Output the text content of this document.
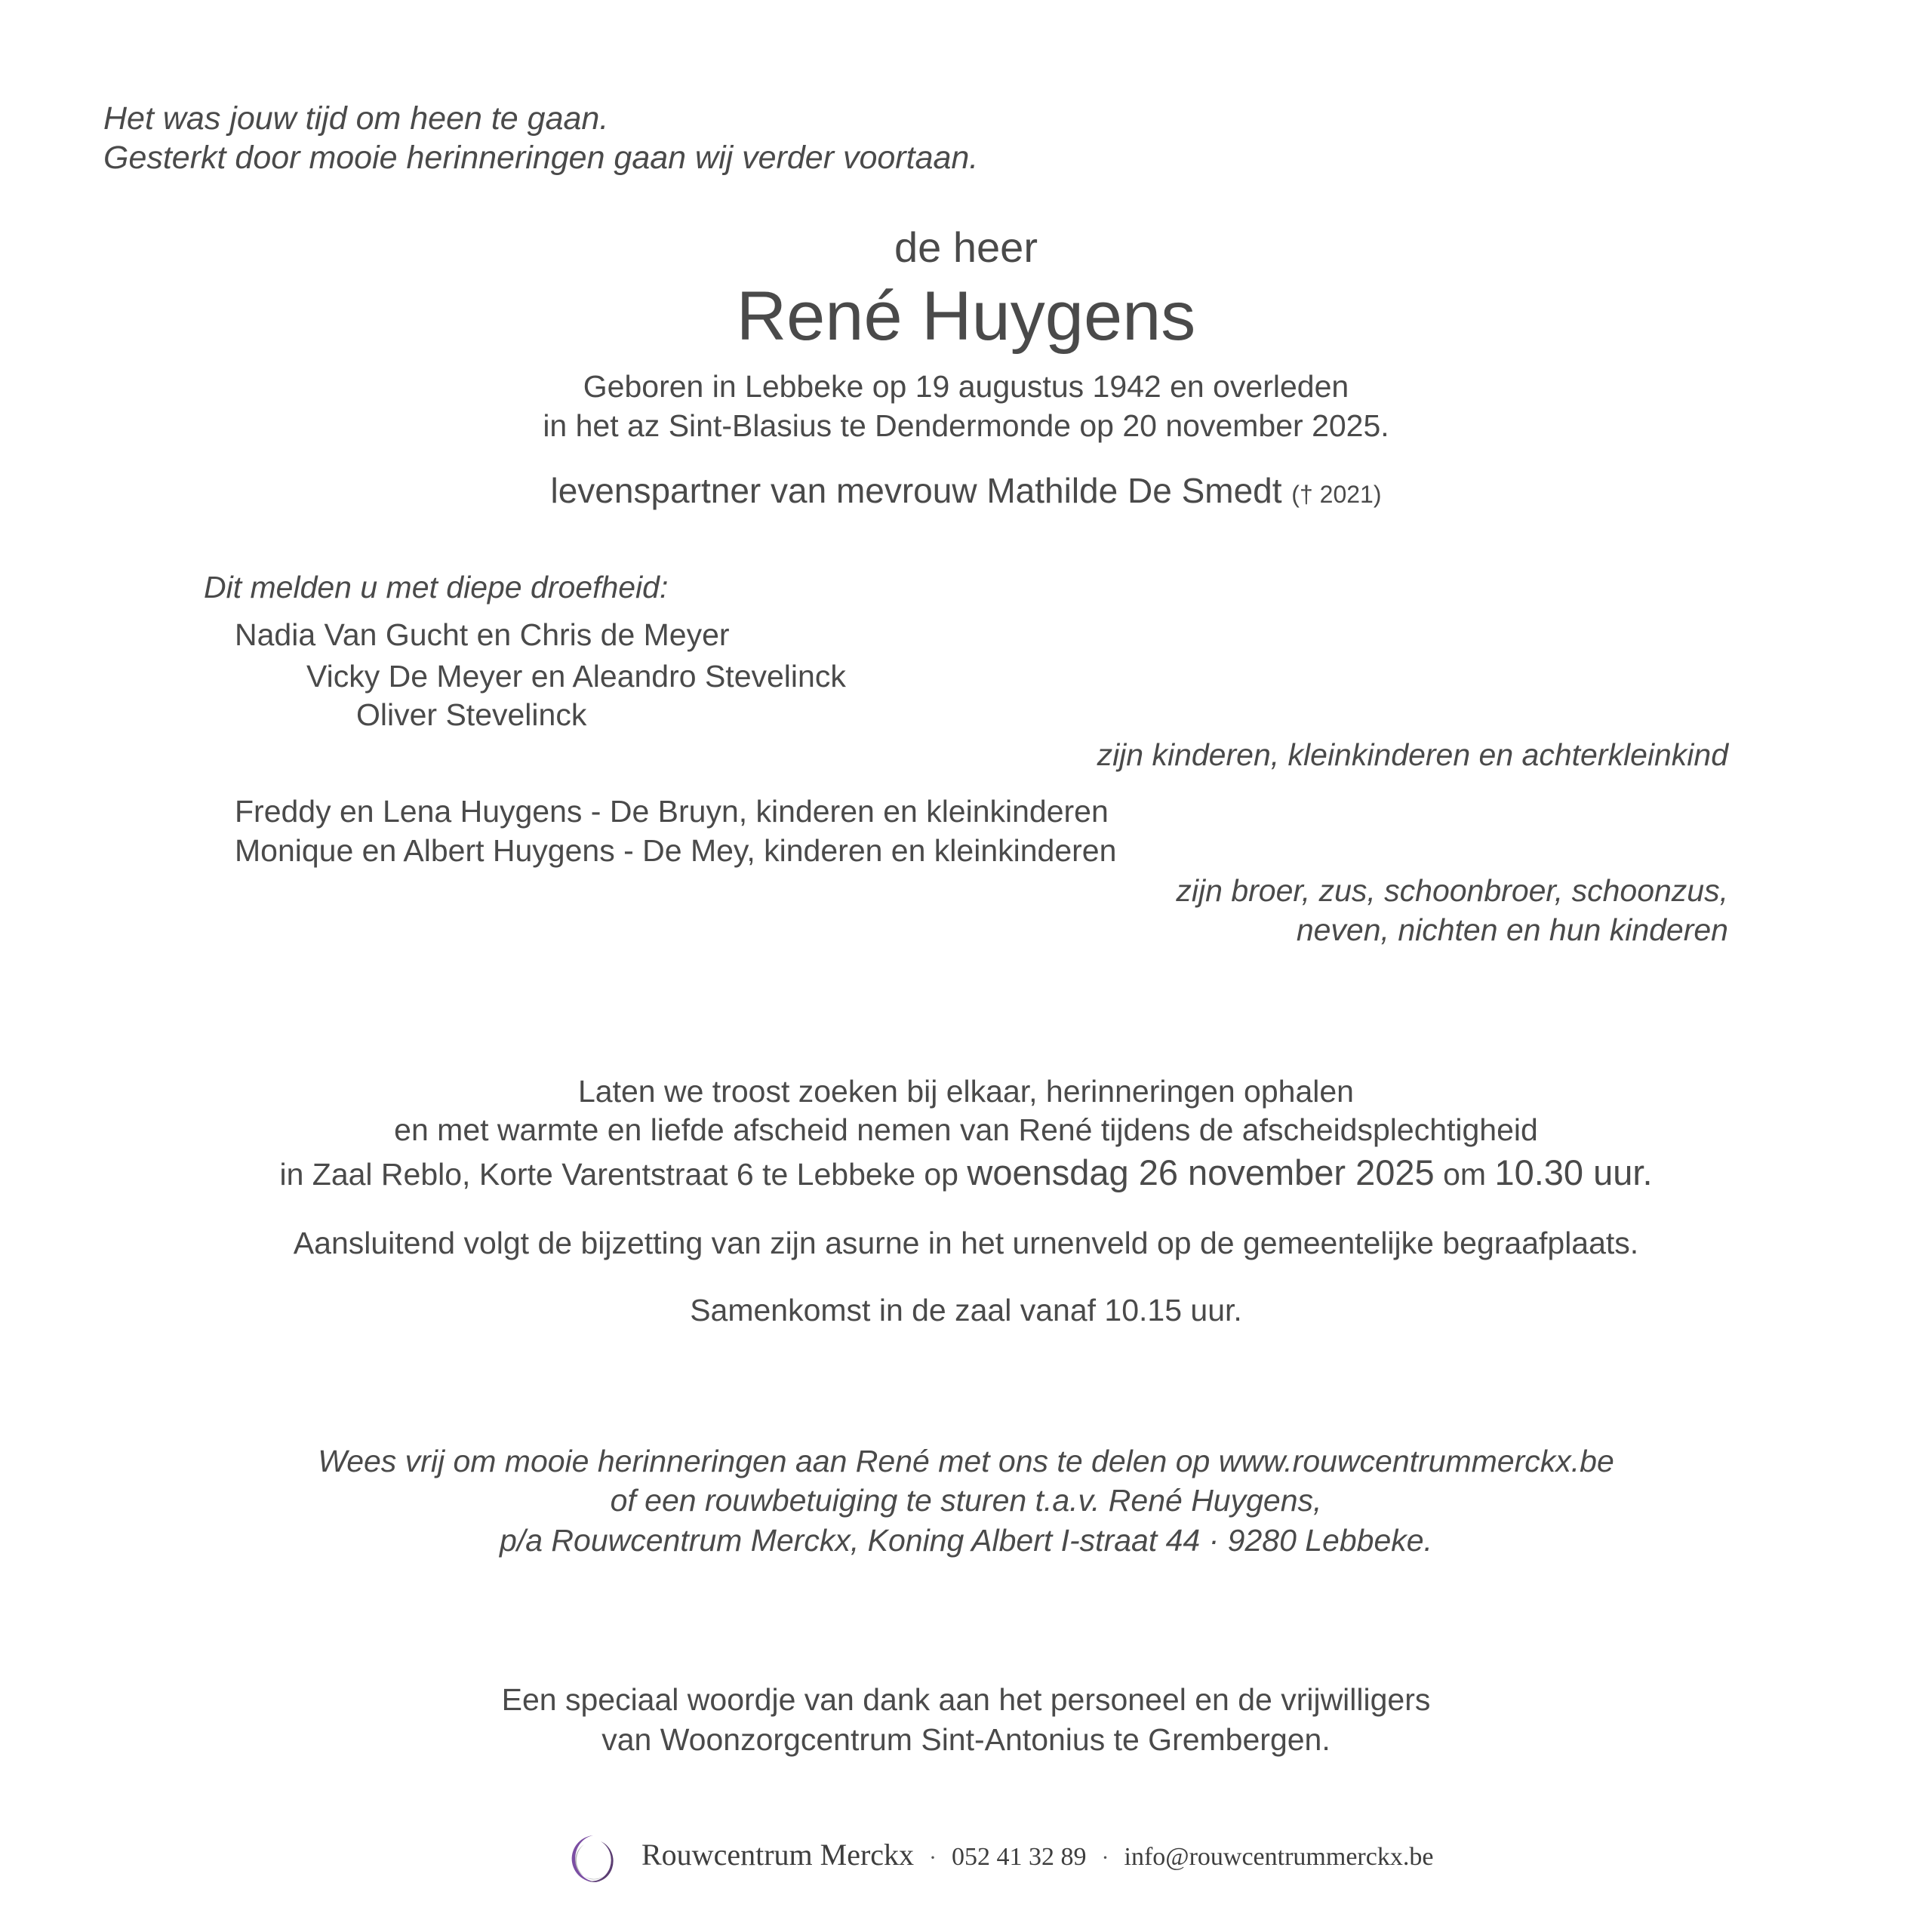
Het was jouw tijd om heen te gaan.
Gesterkt door mooie herinneringen gaan wij verder voortaan.
de heer
René Huygens
Geboren in Lebbeke op 19 augustus 1942 en overleden
in het az Sint-Blasius te Dendermonde op 20 november 2025.
levenspartner van mevrouw Mathilde De Smedt († 2021)
Dit melden u met diepe droefheid:
Nadia Van Gucht en Chris de Meyer
Vicky De Meyer en Aleandro Stevelinck
Oliver Stevelinck
zijn kinderen, kleinkinderen en achterkleinkind
Freddy en Lena Huygens - De Bruyn, kinderen en kleinkinderen
Monique en Albert Huygens - De Mey, kinderen en kleinkinderen
zijn broer, zus, schoonbroer, schoonzus,
neven, nichten en hun kinderen
Laten we troost zoeken bij elkaar, herinneringen ophalen
en met warmte en liefde afscheid nemen van René tijdens de afscheidsplechtigheid
in Zaal Reblo, Korte Varentstraat 6 te Lebbeke op woensdag 26 november 2025 om 10.30 uur.
Aansluitend volgt de bijzetting van zijn asurne in het urnenveld op de gemeentelijke begraafplaats.
Samenkomst in de zaal vanaf 10.15 uur.
Wees vrij om mooie herinneringen aan René met ons te delen op www.rouwcentrummerckx.be
of een rouwbetuiging te sturen t.a.v. René Huygens,
p/a Rouwcentrum Merckx, Koning Albert I-straat 44 · 9280 Lebbeke.
Een speciaal woordje van dank aan het personeel en de vrijwilligers
van Woonzorgcentrum Sint-Antonius te Grembergen.
Rouwcentrum Merckx · 052 41 32 89 · info@rouwcentrummerckx.be
